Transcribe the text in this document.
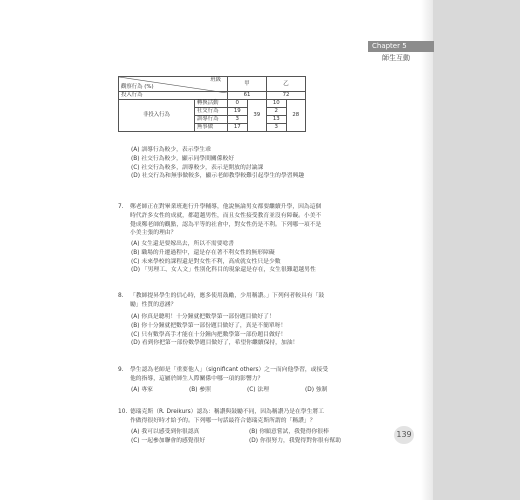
Chapter 5
師生互動
班級
觀察行為 (%)		甲		乙	
投入行為		61		72	
非投入行為	轉換活動	0	39	10	28
	社交行為	19		2	
	訓導行為	3		13	
	無事做	17		3	

(A) 訓導行為較少，表示學生乖

(B) 社交行為較少，顯示同學間關係較好

(C) 社交行為較多，訓導較少，表示是開放的討論課

(D) 社交行為和無事做較多，顯示老師教學較難引起學生的學習興趣

7. 鄭老師正在對畢業班進行升學輔導，他說無論男女都要繼續升學，因為這個

時代許多女性的成就，都超越男性，而且女性接受教育並沒有障礙。小美不

覺成鄭老師的觀點，認為平等的社會中，對女性仍是不利。下列哪一項不是

小美主張的理由？

(A) 女生還是要嫁出去，所以不需要唸書

(B) 職場的升遷過程中，還是存在著不利女性的無形障礙

(C) 未來學校的課程還是對女性不利，高成就女性只是少數

(D) 「男理工、女人文」性別化科目的現象還是存在，女生很難超越男性

8. 「教師提昇學生的信心時，應多使用鼓勵，少用稱讚。」下列何者較具有「鼓

勵」性質的意涵？

(A) 你真是聰明！十分鐘就把數學第一部份題目做好了！

(B) 你十分鐘就把數學第一部份題目做好了，真是不簡單呀！

(C) 只有數學高手才能在十分鐘內把數學第一部份題目做好！

(D) 看到你把第一部份數學題目做好了，希望你繼續保持，加油！

9. 學生認為老師是「重要他人」（significant others）之一而向他學習，或接受

他的指導，這屬於師生人際關係中哪一項的影響力？

(A) 專家	(B) 參照	(C) 法理	(D) 強制
10. 德瑞克斯（R. Dreikurs）認為：稱讚與鼓勵不同，因為稱讚乃是在學生將工

作做得很好時才給予的。下列哪一句話最符合德瑞克斯所謂的「稱讚」？

(A) 我可以感受到你很認真	(B) 你願意嘗試，我覺得你很棒
(C) 一起參加聯會的感覺很好	(D) 你很努力，我覺得對你很有幫助
139
